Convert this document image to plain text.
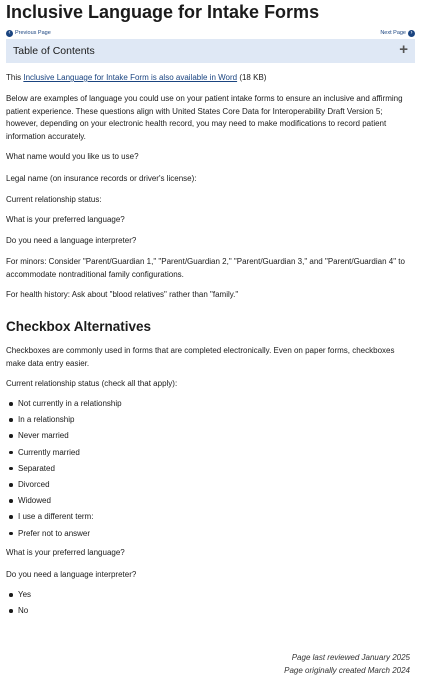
Inclusive Language for Intake Forms
‹ Previous Page	Next Page ›
Table of Contents	+

This Inclusive Language for Intake Form is also available in Word (18 KB)

Below are examples of language you could use on your patient intake forms to ensure an inclusive and affirming patient experience. These questions align with United States Core Data for Interoperability Draft Version 5; however, depending on your electronic health record, you may need to make modifications to record patient information accurately.

What name would you like us to use?

Legal name (on insurance records or driver's license):

Current relationship status:

What is your preferred language?

Do you need a language interpreter?

For minors: Consider "Parent/Guardian 1," "Parent/Guardian 2," "Parent/Guardian 3," and "Parent/Guardian 4" to accommodate nontraditional family configurations.

For health history: Ask about "blood relatives" rather than "family."

Checkbox Alternatives

Checkboxes are commonly used in forms that are completed electronically. Even on paper forms, checkboxes make data entry easier.

Current relationship status (check all that apply):

Not currently in a relationship
In a relationship
Never married
Currently married
Separated
Divorced
Widowed
I use a different term:
Prefer not to answer

What is your preferred language?

Do you need a language interpreter?

Yes
No

Page last reviewed January 2025

Page originally created March 2024
